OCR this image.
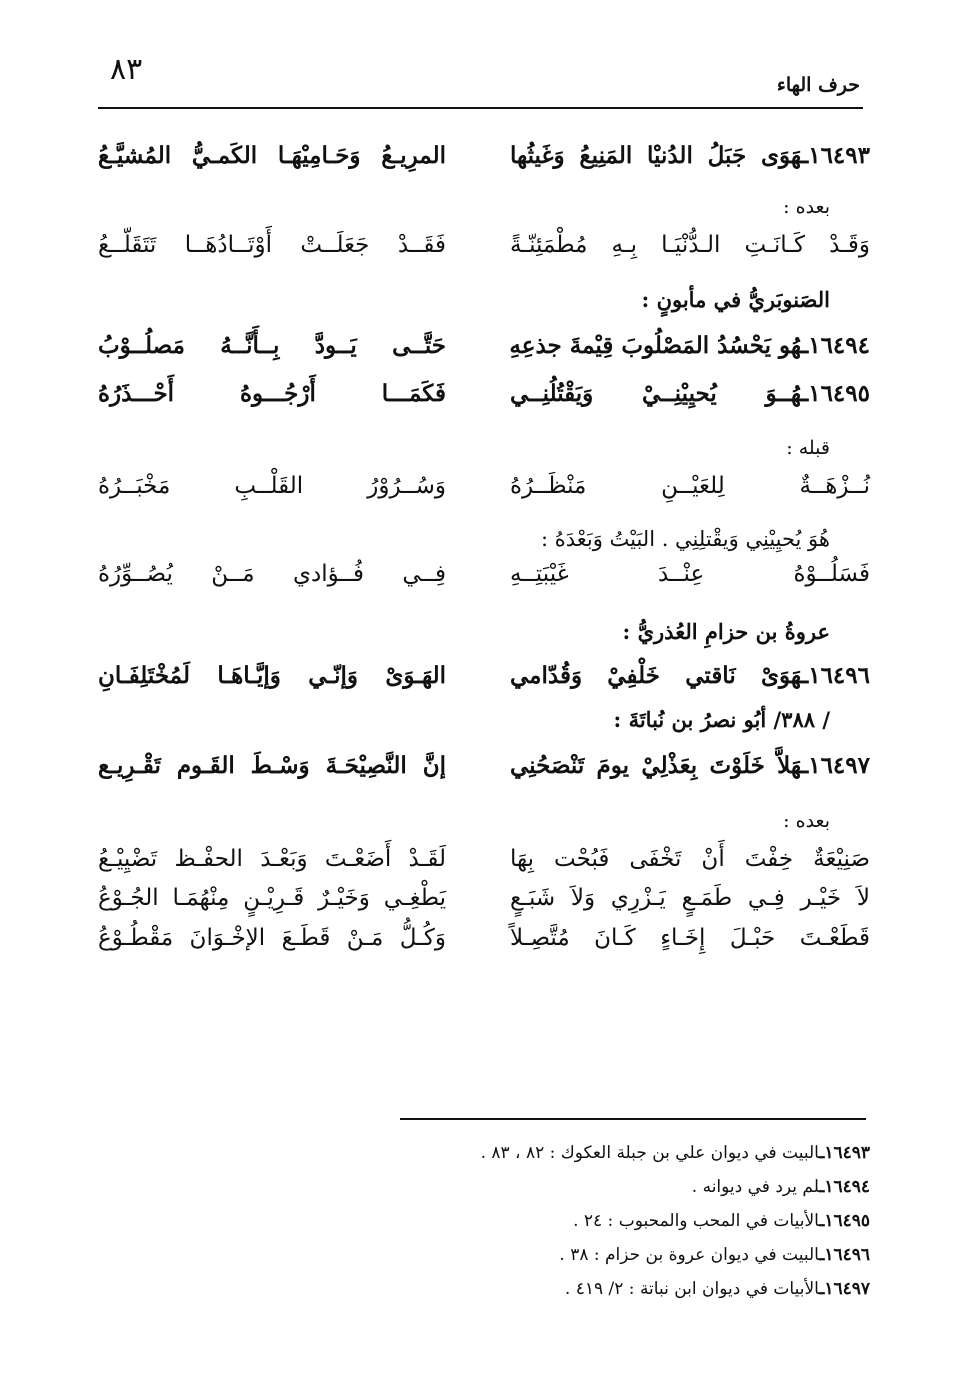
٨٣	حرف الهاء
١٦٤٩٣ـهَوَى جَبَلُ الدُنيْا المَنِيعُ وَغَيثُها
المرِيـعُ وَحَـامِيْهَـا الكَمـيُّ المُشيَّـعُ
بعده :
وَقَـدْ كَـانَـتِ الـدُّنْيَـا بِـهِ مُطْمَئِنّـةً
فَقَــدْ جَعَلَــتْ أَوْتَــادُهَــا تَتَقَلّــعُ
الصَنوبَريُّ في مأبونٍ :
١٦٤٩٤ـهُو يَحْسُدُ المَصْلُوبَ قِيْمةَ جذعِهِ
حَتَّــى يَــودَّ بِــأَنَّــهُ مَصلُــوْبُ
١٦٤٩٥ـهُــوَ يُحيِيْنِــيْ وَيَقْتُلُنِــي
فَكَمَـــا أَرْجُـــوهُ أَحْـــذَرُهُ
قبله :
نُــزْهَــةٌ لِلعَيْــنِ مَنْظَــرُهُ
وَسُــرُوْرُ القَلْــبِ مَخْبَــرُهُ
هُوَ يُحيِيْنِي وَيقْتلِنِي . البَيْتُ وَبَعْدَهُ :
فَسَلُــوْهُ عِنْــدَ غَيْبَتِــهِ
فِــي فُــؤادي مَــنْ يُصُــوِّرُهُ
عروةُ بن حزامِ العُذريُّ :
١٦٤٩٦ـهَوَىْ نَاقتي خَلْفِيْ وَقُدّامي
الهَـوَىْ وَإنّـي وَإيَّـاهَـا لَمُخْتَلِفَـانِ
/ ٣٨٨/ أبُو نصرُ بن نُباتَةَ :
١٦٤٩٧ـهَلاَّ خَلَوْتَ بِعَذْلِيْ يومَ تَنْصَحُنِي
إنَّ النَّصِيْحَـةَ وَسْـطَ القَـوم تَقْـرِيـع
بعده :
صَنِيْعَةٌ خِفْتَ أَنْ تَخْفَى فَبُحْت بِهَا
لَقَـدْ أَضَعْـتَ وَبَعْـدَ الحفْـظ تَضْيِيْـعُ
لاَ خَيْـر فِـي طَمَـعٍ يَـزْرِي وَلاَ شَبَـعٍ
يَطْغِـي وَخَيْـرٌ قَـرِيْـنٍ مِنْهُمَـا الجُـوْعُ
قَطَعْـتَ حَبْـلَ إِخَـاءٍ كَـانَ مُتَّصِـلاً
وَكُـلُّ مَـنْ قَطَـعَ الإخْـوَانَ مَقْطُـوْعُ
١٦٤٩٣ـالبيت في ديوان علي بن جبلة العكوك : ٨٢ ، ٨٣ .
١٦٤٩٤ـلم يرد في ديوانه .
١٦٤٩٥ـالأبيات في المحب والمحبوب : ٢٤ .
١٦٤٩٦ـالبيت في ديوان عروة بن حزام : ٣٨ .
١٦٤٩٧ـالأبيات في ديوان ابن نباتة : ٢/ ٤١٩ .
